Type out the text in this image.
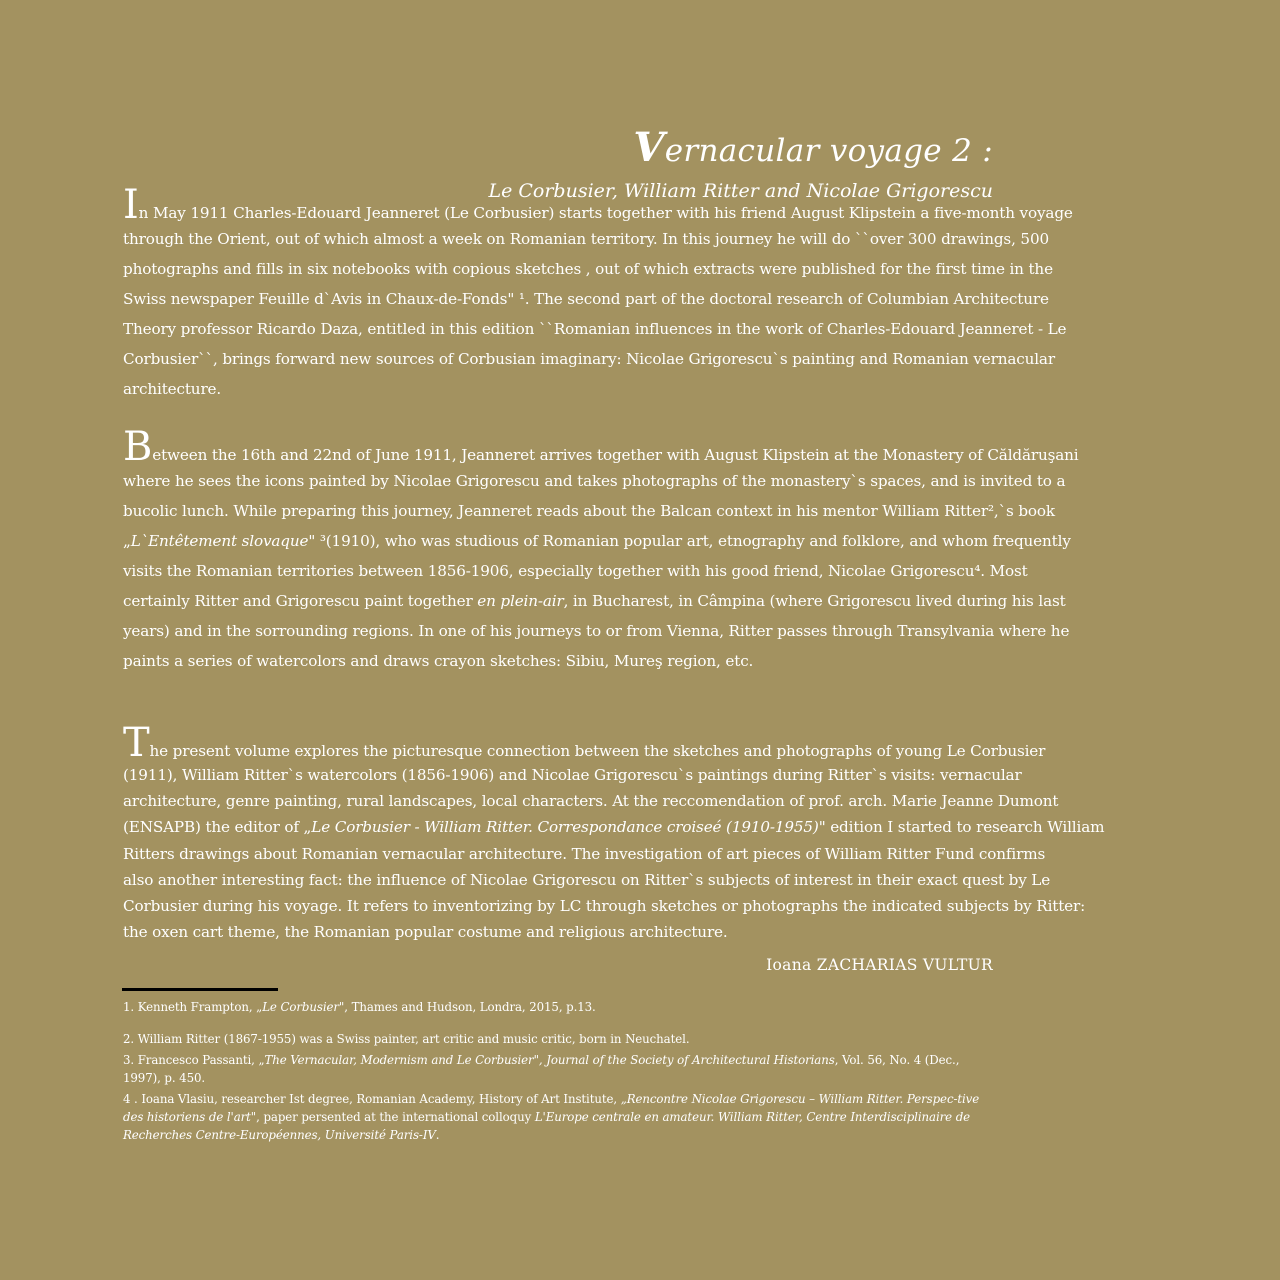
Vernacular voyage 2 :
Le Corbusier, William Ritter and Nicolae Grigorescu
In May 1911 Charles-Edouard Jeanneret (Le Corbusier) starts together with his friend August Klipstein a five-month voyage
through the Orient, out of which almost a week on Romanian territory. In this journey he will do ``over 300 drawings, 500
photographs and fills in six notebooks with copious sketches , out of which extracts were published for the first time in the
Swiss newspaper Feuille d`Avis in Chaux-de-Fonds" ¹. The second part of the doctoral research of Columbian Architecture
Theory professor Ricardo Daza, entitled in this edition ``Romanian influences in the work of Charles-Edouard Jeanneret - Le
Corbusier``, brings forward new sources of Corbusian imaginary: Nicolae Grigorescu`s painting and Romanian vernacular
architecture.
Between the 16th and 22nd of June 1911, Jeanneret arrives together with August Klipstein at the Monastery of Căldăruşani
where he sees the icons painted by Nicolae Grigorescu and takes photographs of the monastery`s spaces, and is invited to a
bucolic lunch. While preparing this journey, Jeanneret reads about the Balcan context in his mentor William Ritter²,`s book
„L`Entêtement slovaque" ³(1910), who was studious of Romanian popular art, etnography and folklore, and whom frequently
visits the Romanian territories between 1856-1906, especially together with his good friend, Nicolae Grigorescu⁴. Most
certainly Ritter and Grigorescu paint together en plein-air, in Bucharest, in Câmpina (where Grigorescu lived during his last
years) and in the sorrounding regions. In one of his journeys to or from Vienna, Ritter passes through Transylvania where he
paints a series of watercolors and draws crayon sketches: Sibiu, Mureş region, etc.
The present volume explores the picturesque connection between the sketches and photographs of young Le Corbusier
(1911), William Ritter`s watercolors (1856-1906) and Nicolae Grigorescu`s paintings during Ritter`s visits: vernacular
architecture, genre painting, rural landscapes, local characters. At the reccomendation of prof. arch. Marie Jeanne Dumont
(ENSAPB) the editor of „Le Corbusier - William Ritter. Correspondance croiseé (1910-1955)" edition I started to research William
Ritters drawings about Romanian vernacular architecture. The investigation of art pieces of William Ritter Fund confirms
also another interesting fact: the influence of Nicolae Grigorescu on Ritter`s subjects of interest in their exact quest by Le
Corbusier during his voyage. It refers to inventorizing by LC through sketches or photographs the indicated subjects by Ritter:
the oxen cart theme, the Romanian popular costume and religious architecture.
Ioana ZACHARIAS VULTUR
1. Kenneth Frampton, „Le Corbusier", Thames and Hudson, Londra, 2015, p.13.
2. William Ritter (1867-1955) was a Swiss painter, art critic and music critic, born in Neuchatel.
3. Francesco Passanti, „The Vernacular, Modernism and Le Corbusier", Journal of the Society of Architectural Historians, Vol. 56, No. 4 (Dec., 1997), p. 450.
4 . Ioana Vlasiu, researcher Ist degree, Romanian Academy, History of Art Institute, „Rencontre Nicolae Grigorescu – William Ritter. Perspec-tive des historiens de l'art", paper persented at the international colloquy L'Europe centrale en amateur. William Ritter, Centre Interdisciplinaire de Recherches Centre-Européennes, Université Paris-IV.
